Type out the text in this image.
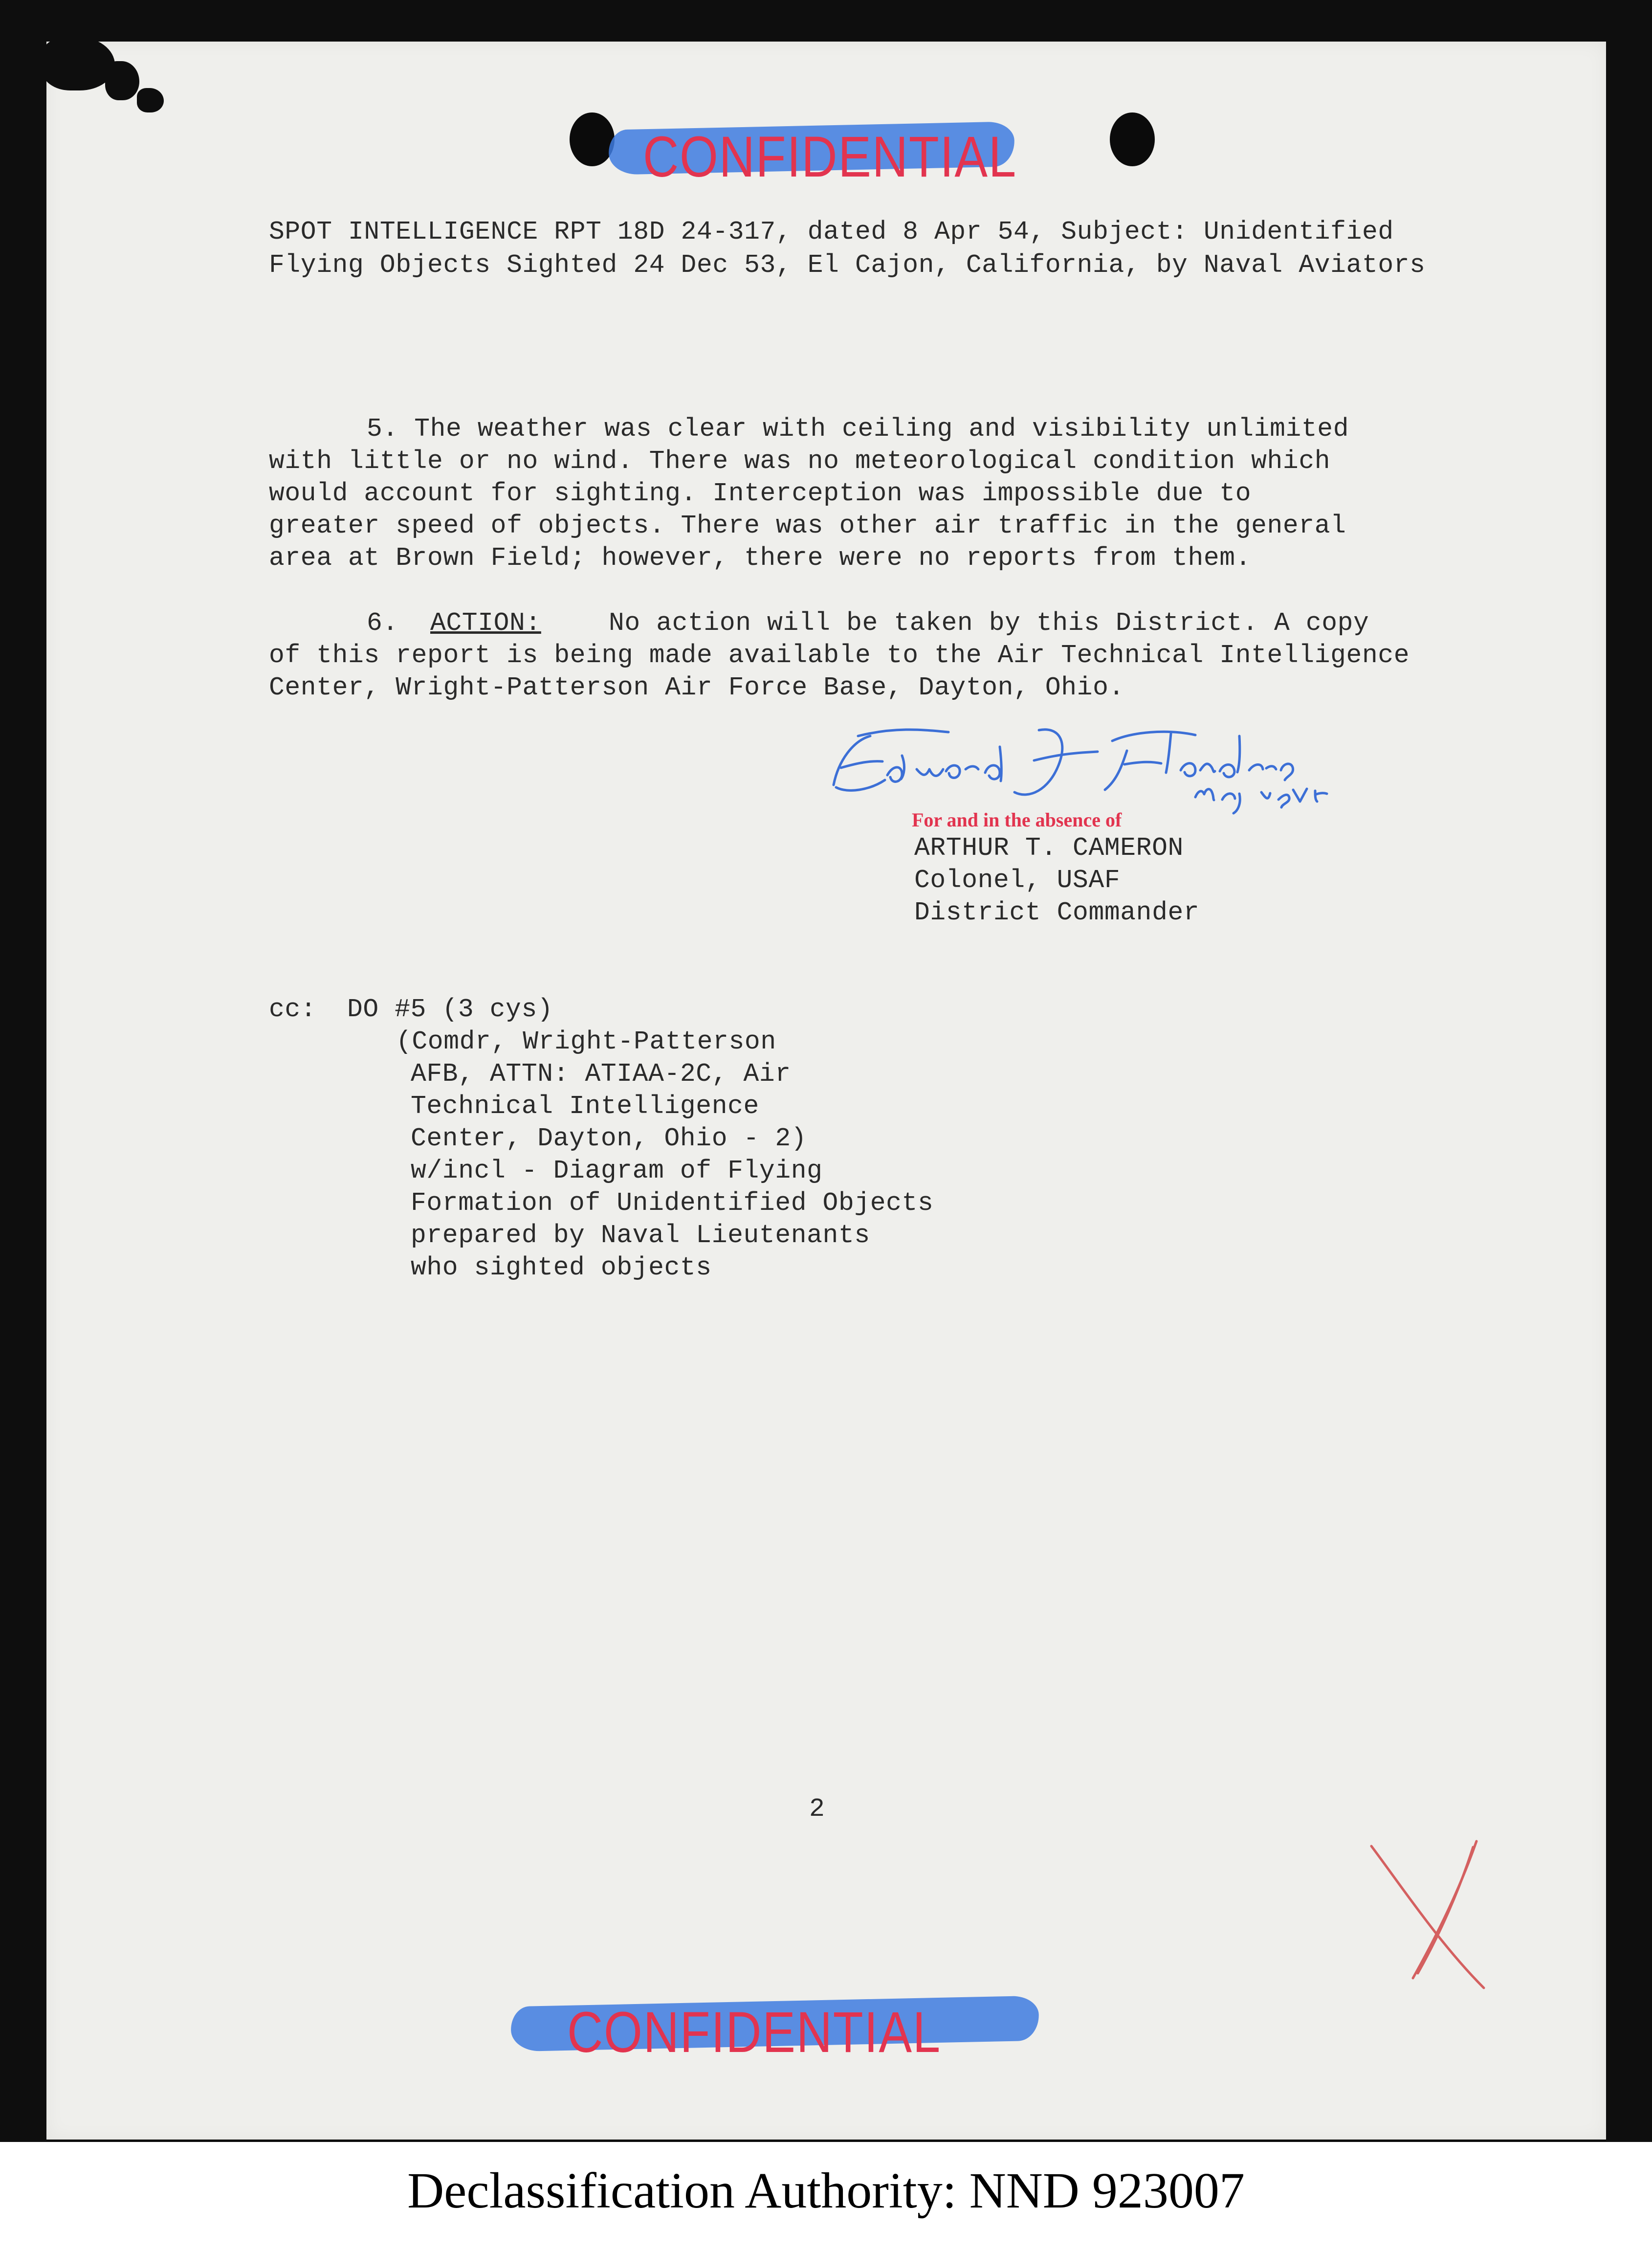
CONFIDENTIAL
SPOT INTELLIGENCE RPT 18D 24-317, dated 8 Apr 54, Subject: Unidentified
Flying Objects Sighted 24 Dec 53, El Cajon, California, by Naval Aviators
5. The weather was clear with ceiling and visibility unlimited
with little or no wind. There was no meteorological condition which
would account for sighting. Interception was impossible due to
greater speed of objects. There was other air traffic in the general
area at Brown Field; however, there were no reports from them.
6. ACTION:	No action will be taken by this District. A copy
of this report is being made available to the Air Technical Intelligence
Center, Wright-Patterson Air Force Base, Dayton, Ohio.
For and in the absence of
ARTHUR T. CAMERON
Colonel, USAF
District Commander
cc: DO #5 (3 cys)
(Comdr, Wright-Patterson
AFB, ATTN: ATIAA-2C, Air
Technical Intelligence
Center, Dayton, Ohio - 2)
w/incl - Diagram of Flying
Formation of Unidentified Objects
prepared by Naval Lieutenants
who sighted objects
2
CONFIDENTIAL
Declassification Authority: NND 923007
